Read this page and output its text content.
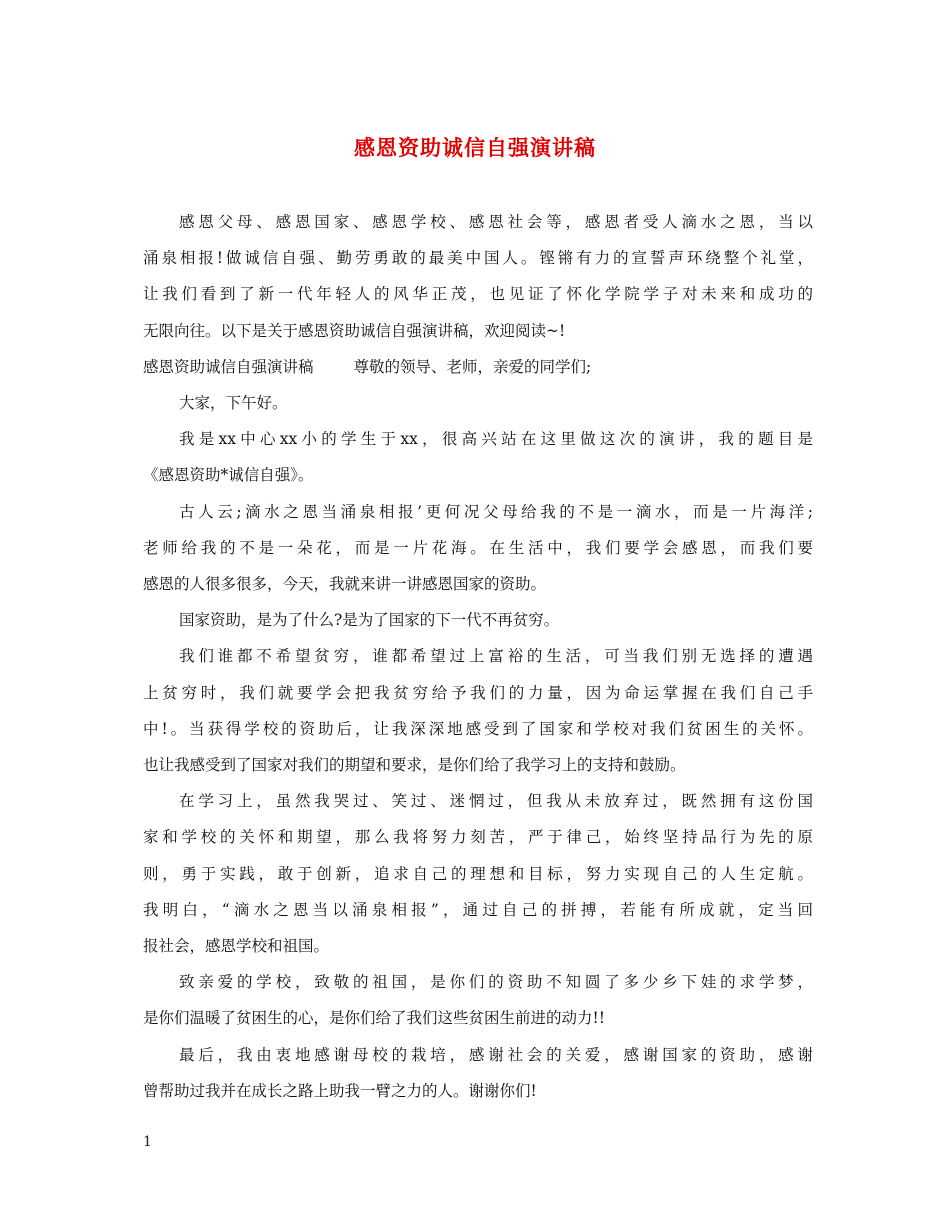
感恩资助诚信自强演讲稿

感恩父母、感恩国家、感恩学校、感恩社会等，感恩者受人滴水之恩，当以
涌泉相报!做诚信自强、勤劳勇敢的最美中国人。铿锵有力的宣誓声环绕整个礼堂，
让我们看到了新一代年轻人的风华正茂，也见证了怀化学院学子对未来和成功的
无限向往。以下是关于感恩资助诚信自强演讲稿，欢迎阅读~!

感恩资助诚信自强演讲稿	尊敬的领导、老师，亲爱的同学们;

大家，下午好。

我是xx中心xx小的学生于xx，很高兴站在这里做这次的演讲，我的题目是
《感恩资助*诚信自强》。

古人云;滴水之恩当涌泉相报’更何况父母给我的不是一滴水，而是一片海洋;
老师给我的不是一朵花，而是一片花海。在生活中，我们要学会感恩，而我们要
感恩的人很多很多，今天，我就来讲一讲感恩国家的资助。

国家资助，是为了什么?是为了国家的下一代不再贫穷。

我们谁都不希望贫穷，谁都希望过上富裕的生活，可当我们别无选择的遭遇
上贫穷时，我们就要学会把我贫穷给予我们的力量，因为命运掌握在我们自己手
中!。当获得学校的资助后，让我深深地感受到了国家和学校对我们贫困生的关怀。
也让我感受到了国家对我们的期望和要求，是你们给了我学习上的支持和鼓励。

在学习上，虽然我哭过、笑过、迷惘过，但我从未放弃过，既然拥有这份国
家和学校的关怀和期望，那么我将努力刻苦，严于律己，始终坚持品行为先的原
则，勇于实践，敢于创新，追求自己的理想和目标，努力实现自己的人生定航。
我明白，“滴水之恩当以涌泉相报”，通过自己的拼搏，若能有所成就，定当回
报社会，感恩学校和祖国。

致亲爱的学校，致敬的祖国，是你们的资助不知圆了多少乡下娃的求学梦，
是你们温暖了贫困生的心，是你们给了我们这些贫困生前进的动力!!

最后，我由衷地感谢母校的栽培，感谢社会的关爱，感谢国家的资助，感谢
曾帮助过我并在成长之路上助我一臂之力的人。谢谢你们!

1
